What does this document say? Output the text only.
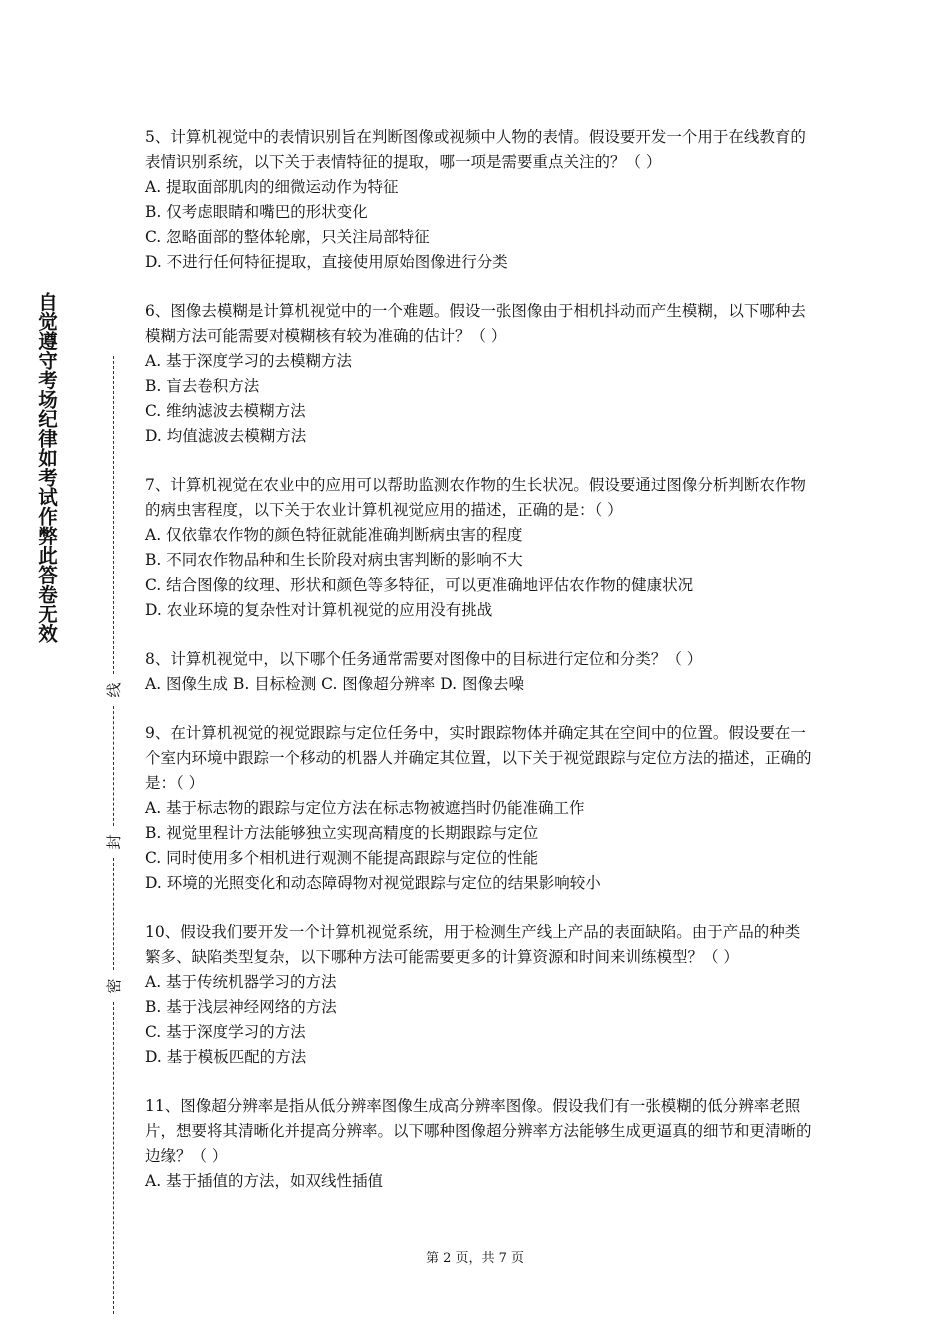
自觉遵守考场纪律如考试作弊此答卷无效
线
封
密

5、计算机视觉中的表情识别旨在判断图像或视频中人物的表情。假设要开发一个用于在线教育的表情识别系统，以下关于表情特征的提取，哪一项是需要重点关注的？（ ）

A. 提取面部肌肉的细微运动作为特征
B. 仅考虑眼睛和嘴巴的形状变化
C. 忽略面部的整体轮廓，只关注局部特征
D. 不进行任何特征提取，直接使用原始图像进行分类

6、图像去模糊是计算机视觉中的一个难题。假设一张图像由于相机抖动而产生模糊，以下哪种去模糊方法可能需要对模糊核有较为准确的估计？（ ）

A. 基于深度学习的去模糊方法
B. 盲去卷积方法
C. 维纳滤波去模糊方法
D. 均值滤波去模糊方法

7、计算机视觉在农业中的应用可以帮助监测农作物的生长状况。假设要通过图像分析判断农作物的病虫害程度，以下关于农业计算机视觉应用的描述，正确的是：（ ）

A. 仅依靠农作物的颜色特征就能准确判断病虫害的程度
B. 不同农作物品种和生长阶段对病虫害判断的影响不大
C. 结合图像的纹理、形状和颜色等多特征，可以更准确地评估农作物的健康状况
D. 农业环境的复杂性对计算机视觉的应用没有挑战

8、计算机视觉中，以下哪个任务通常需要对图像中的目标进行定位和分类？（ ）

A. 图像生成 B. 目标检测 C. 图像超分辨率 D. 图像去噪

9、在计算机视觉的视觉跟踪与定位任务中，实时跟踪物体并确定其在空间中的位置。假设要在一个室内环境中跟踪一个移动的机器人并确定其位置，以下关于视觉跟踪与定位方法的描述，正确的是：（ ）

A. 基于标志物的跟踪与定位方法在标志物被遮挡时仍能准确工作
B. 视觉里程计方法能够独立实现高精度的长期跟踪与定位
C. 同时使用多个相机进行观测不能提高跟踪与定位的性能
D. 环境的光照变化和动态障碍物对视觉跟踪与定位的结果影响较小

10、假设我们要开发一个计算机视觉系统，用于检测生产线上产品的表面缺陷。由于产品的种类繁多、缺陷类型复杂，以下哪种方法可能需要更多的计算资源和时间来训练模型？（ ）

A. 基于传统机器学习的方法
B. 基于浅层神经网络的方法
C. 基于深度学习的方法
D. 基于模板匹配的方法

11、图像超分辨率是指从低分辨率图像生成高分辨率图像。假设我们有一张模糊的低分辨率老照片，想要将其清晰化并提高分辨率。以下哪种图像超分辨率方法能够生成更逼真的细节和更清晰的边缘？（ ）

A. 基于插值的方法，如双线性插值
第 2 页，共 7 页
